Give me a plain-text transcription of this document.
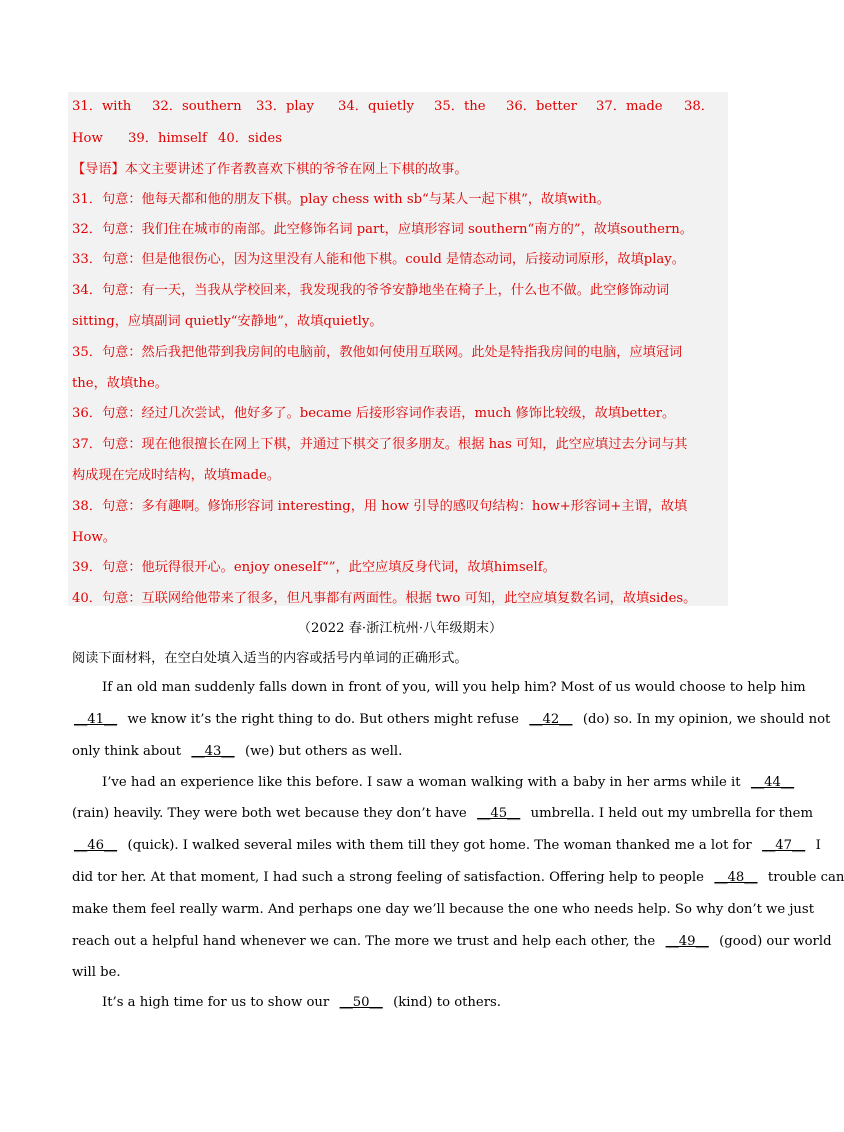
31．with 32．southern 33．play 34．quietly 35．the 36．better 37．made 38．
How 39．himself 40．sides
【导语】本文主要讲述了作者教喜欢下棋的爷爷在网上下棋的故事。
31．句意：他每天都和他的朋友下棋。play chess with sb“与某人一起下棋”，故填with。
32．句意：我们住在城市的南部。此空修饰名词 part，应填形容词 southern“南方的”，故填southern。
33．句意：但是他很伤心，因为这里没有人能和他下棋。could 是情态动词，后接动词原形，故填play。
34．句意：有一天，当我从学校回来，我发现我的爷爷安静地坐在椅子上，什么也不做。此空修饰动词
sitting，应填副词 quietly“安静地”，故填quietly。
35．句意：然后我把他带到我房间的电脑前，教他如何使用互联网。此处是特指我房间的电脑，应填冠词
the，故填the。
36．句意：经过几次尝试，他好多了。became 后接形容词作表语，much 修饰比较级，故填better。
37．句意：现在他很擅长在网上下棋，并通过下棋交了很多朋友。根据 has 可知，此空应填过去分词与其
构成现在完成时结构，故填made。
38．句意：多有趣啊。修饰形容词 interesting，用 how 引导的感叹句结构：how+形容词+主谓，故填
How。
39．句意：他玩得很开心。enjoy oneself“”，此空应填反身代词，故填himself。
40．句意：互联网给他带来了很多，但凡事都有两面性。根据 two 可知，此空应填复数名词，故填sides。
（2022 春·浙江杭州·八年级期末）
阅读下面材料，在空白处填入适当的内容或括号内单词的正确形式。
If an old man suddenly falls down in front of you, will you help him? Most of us would choose to help him
__41__ we know it’s the right thing to do. But others might refuse __42__ (do) so. In my opinion, we should not
only think about __43__ (we) but others as well.
I’ve had an experience like this before. I saw a woman walking with a baby in her arms while it __44__
(rain) heavily. They were both wet because they don’t have __45__ umbrella. I held out my umbrella for them
__46__ (quick). I walked several miles with them till they got home. The woman thanked me a lot for __47__ I
did tor her. At that moment, I had such a strong feeling of satisfaction. Offering help to people __48__ trouble can
make them feel really warm. And perhaps one day we’ll because the one who needs help. So why don’t we just
reach out a helpful hand whenever we can. The more we trust and help each other, the __49__ (good) our world
will be.
It’s a high time for us to show our __50__ (kind) to others.
